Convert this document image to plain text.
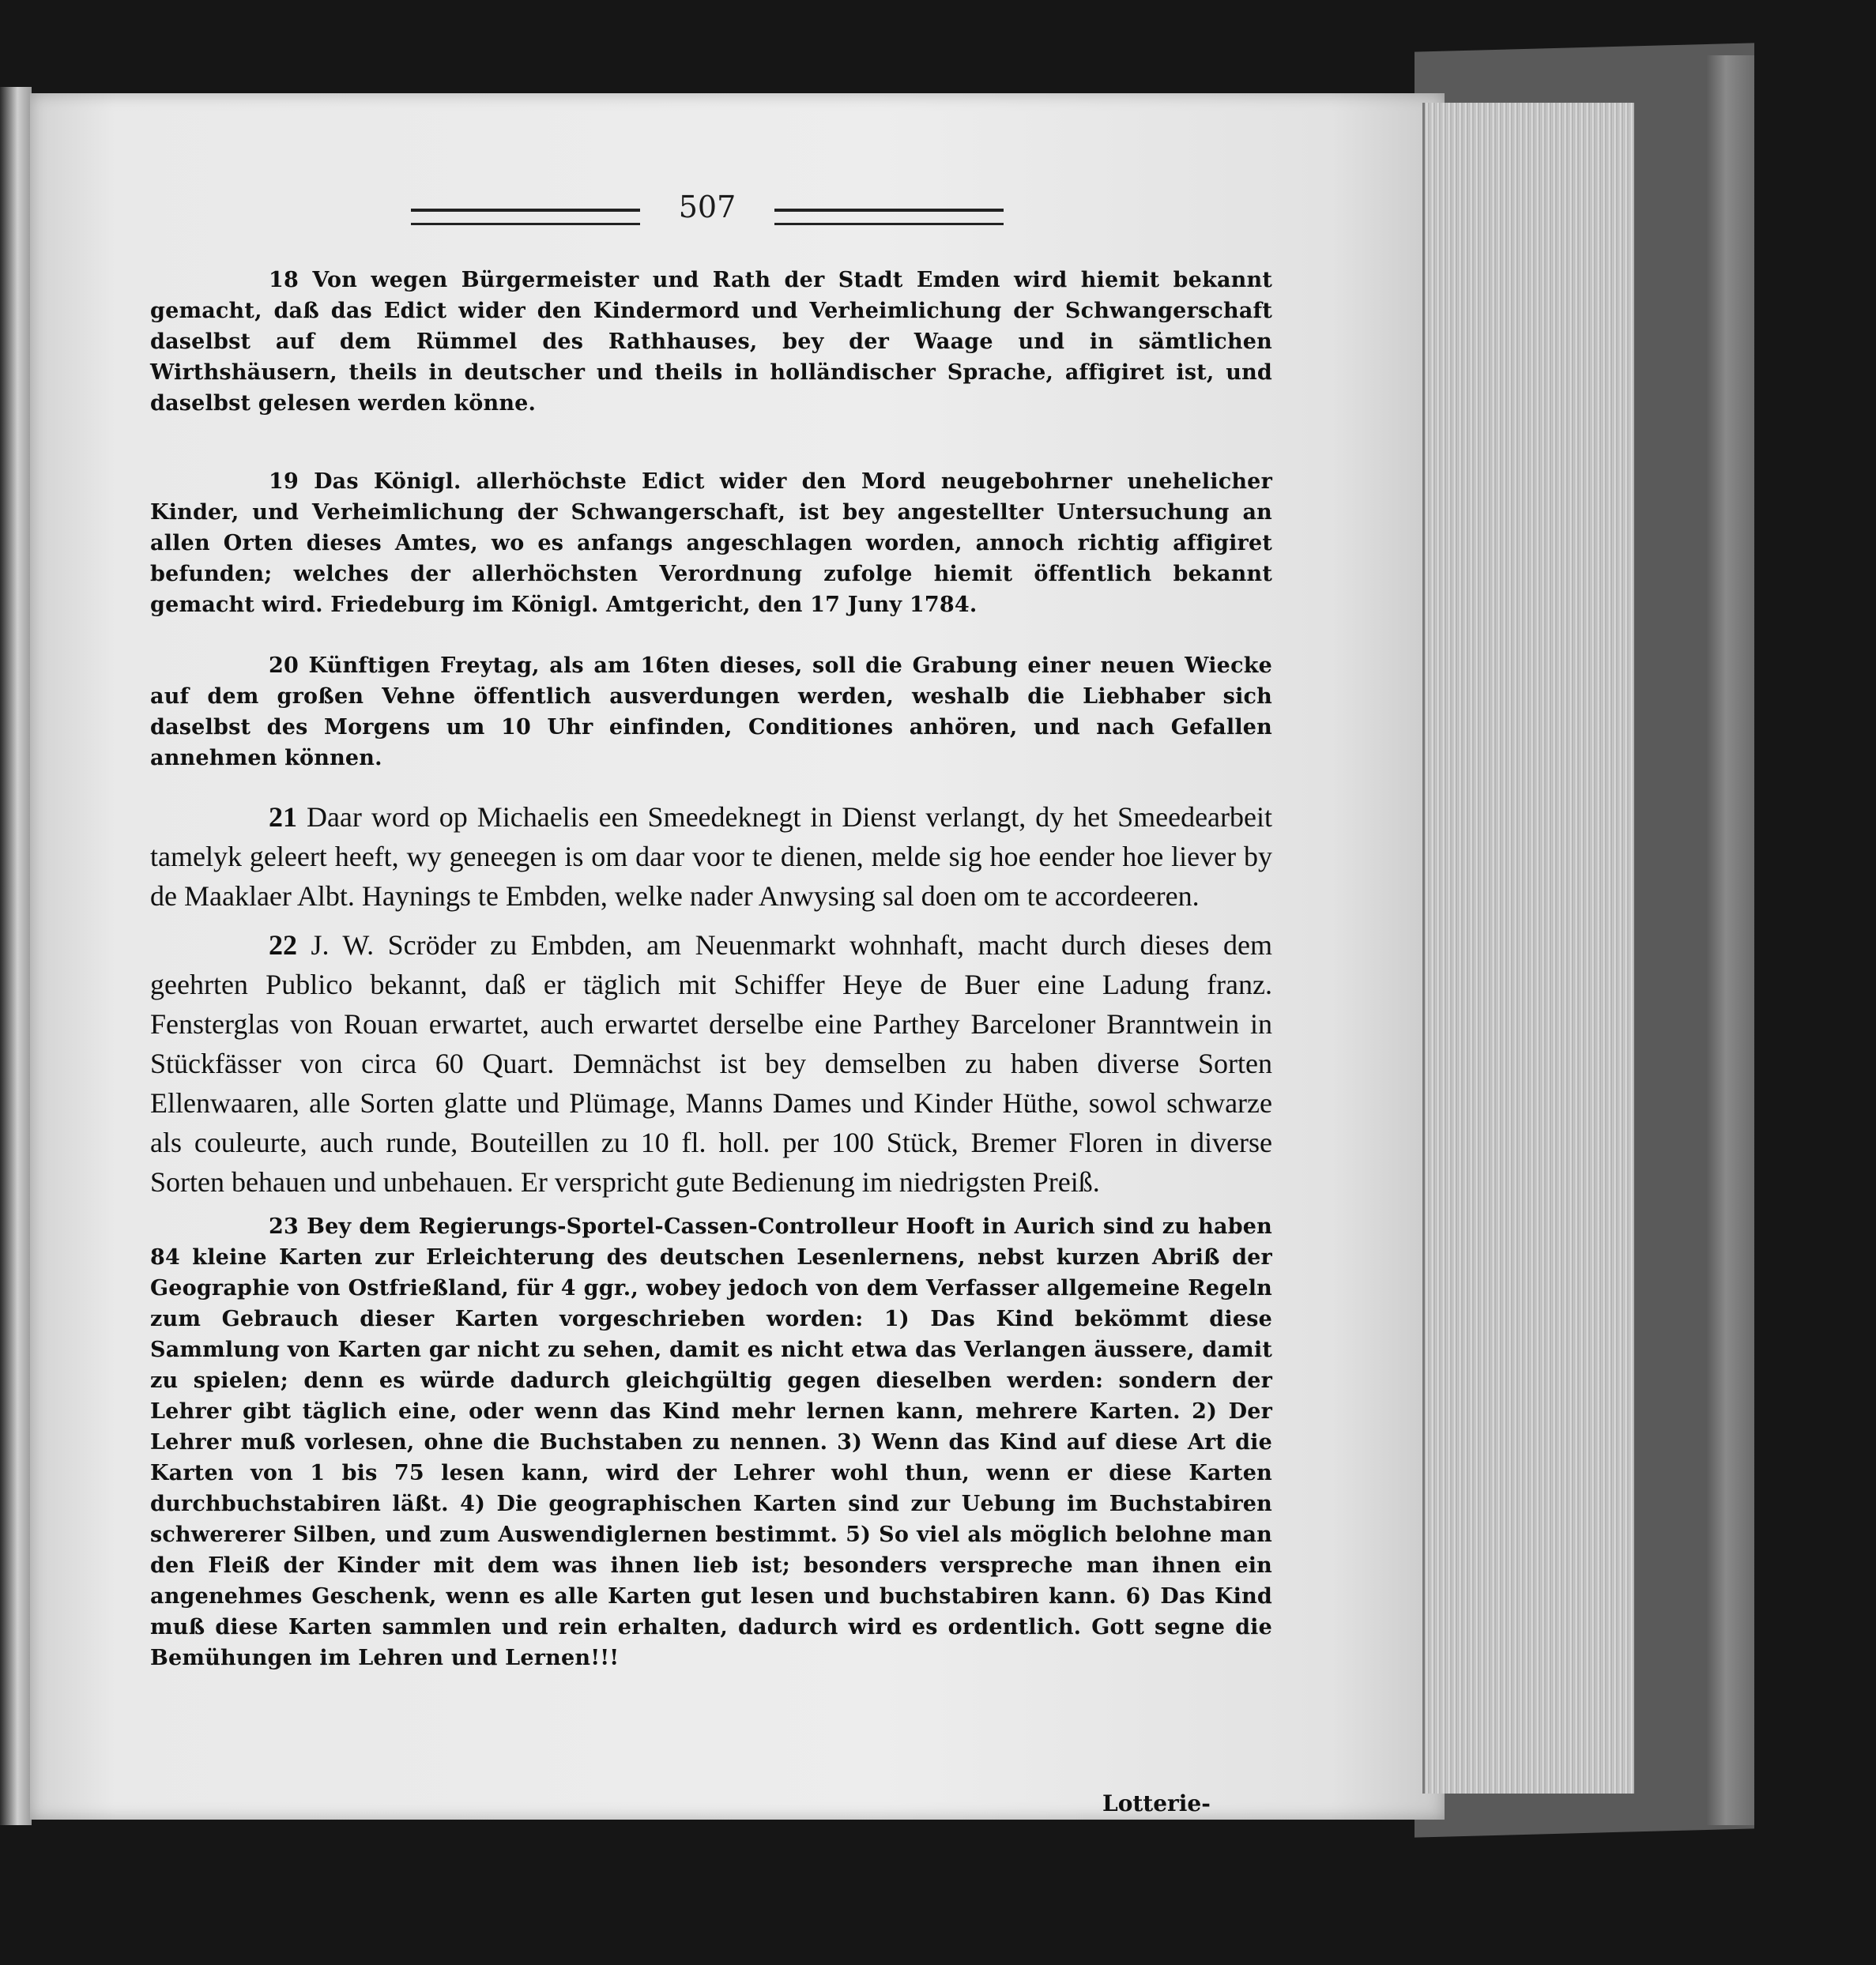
507

18 Von wegen Bürgermeister und Rath der Stadt Emden wird hiemit bekannt gemacht, daß das Edict wider den Kindermord und Verheimlichung der Schwangerschaft daselbst auf dem Rümmel des Rathhauses, bey der Waage und in sämtlichen Wirthshäusern, theils in deutscher und theils in holländischer Sprache, affigiret ist, und daselbst gelesen werden könne.

19 Das Königl. allerhöchste Edict wider den Mord neugebohrner unehelicher Kinder, und Verheimlichung der Schwangerschaft, ist bey angestellter Untersuchung an allen Orten dieses Amtes, wo es anfangs angeschlagen worden, annoch richtig affigiret befunden; welches der allerhöchsten Verordnung zufolge hiemit öffentlich bekannt gemacht wird. Friedeburg im Königl. Amtgericht, den 17 Juny 1784.

20 Künftigen Freytag, als am 16ten dieses, soll die Grabung einer neuen Wiecke auf dem großen Vehne öffentlich ausverdungen werden, weshalb die Liebhaber sich daselbst des Morgens um 10 Uhr einfinden, Conditiones anhören, und nach Gefallen annehmen können.

21 Daar word op Michaelis een Smeedeknegt in Dienst verlangt, dy het Smeedearbeit tamelyk geleert heeft, wy geneegen is om daar voor te dienen, melde sig hoe eender hoe liever by de Maaklaer Albt. Haynings te Embden, welke nader Anwysing sal doen om te accordeeren.

22 J. W. Scröder zu Embden, am Neuenmarkt wohnhaft, macht durch dieses dem geehrten Publico bekannt, daß er täglich mit Schiffer Heye de Buer eine Ladung franz. Fensterglas von Rouan erwartet, auch erwartet derselbe eine Parthey Barceloner Branntwein in Stückfässer von circa 60 Quart. Demnächst ist bey demselben zu haben diverse Sorten Ellenwaaren, alle Sorten glatte und Plümage, Manns Dames und Kinder Hüthe, sowol schwarze als couleurte, auch runde, Bouteillen zu 10 fl. holl. per 100 Stück, Bremer Floren in diverse Sorten behauen und unbehauen. Er verspricht gute Bedienung im niedrigsten Preiß.

23 Bey dem Regierungs-Sportel-Cassen-Controlleur Hooft in Aurich sind zu haben 84 kleine Karten zur Erleichterung des deutschen Lesenlernens, nebst kurzen Abriß der Geographie von Ostfrießland, für 4 ggr., wobey jedoch von dem Verfasser allgemeine Regeln zum Gebrauch dieser Karten vorgeschrieben worden: 1) Das Kind bekömmt diese Sammlung von Karten gar nicht zu sehen, damit es nicht etwa das Verlangen äussere, damit zu spielen; denn es würde dadurch gleichgültig gegen dieselben werden: sondern der Lehrer gibt täglich eine, oder wenn das Kind mehr lernen kann, mehrere Karten. 2) Der Lehrer muß vorlesen, ohne die Buchstaben zu nennen. 3) Wenn das Kind auf diese Art die Karten von 1 bis 75 lesen kann, wird der Lehrer wohl thun, wenn er diese Karten durchbuchstabiren läßt. 4) Die geographischen Karten sind zur Uebung im Buchstabiren schwererer Silben, und zum Auswendiglernen bestimmt. 5) So viel als möglich belohne man den Fleiß der Kinder mit dem was ihnen lieb ist; besonders verspreche man ihnen ein angenehmes Geschenk, wenn es alle Karten gut lesen und buchstabiren kann. 6) Das Kind muß diese Karten sammlen und rein erhalten, dadurch wird es ordentlich. Gott segne die Bemühungen im Lehren und Lernen!!!

Lotterie-
